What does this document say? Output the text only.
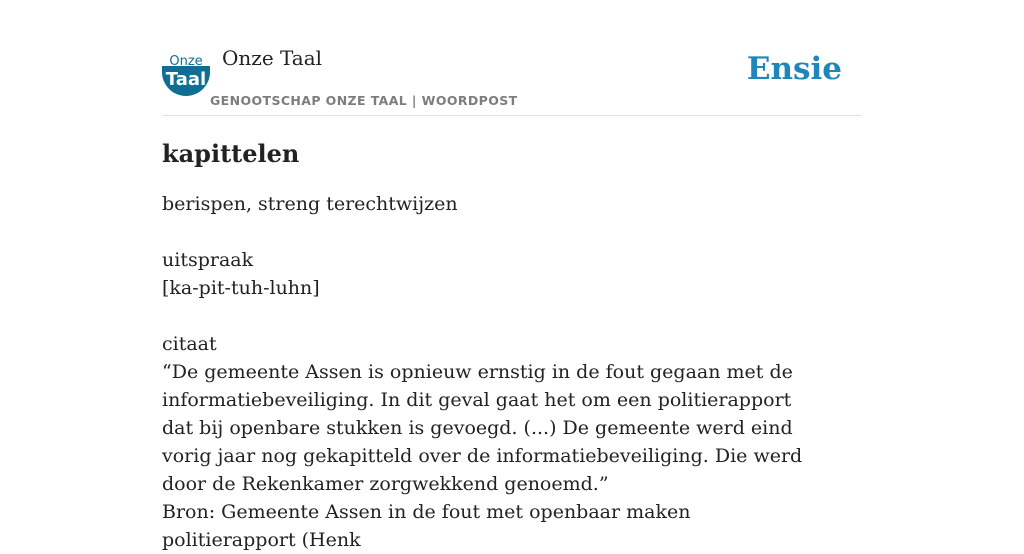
Onze
Taal
Onze Taal
GENOOTSCHAP ONZE TAAL | WOORDPOST
Ensie
kapittelen

berispen, streng terechtwijzen

uitspraak

[ka-pit-tuh-luhn]

citaat

“De gemeente Assen is opnieuw ernstig in de fout gegaan met de informatiebeveiliging. In dit geval gaat het om een politierapport dat bij openbare stukken is gevoegd. (...) De gemeente werd eind vorig jaar nog gekapitteld over de informatiebeveiliging. Die werd door de Rekenkamer zorgwekkend genoemd.”

Bron: Gemeente Assen in de fout met openbaar maken politierapport (Henk
